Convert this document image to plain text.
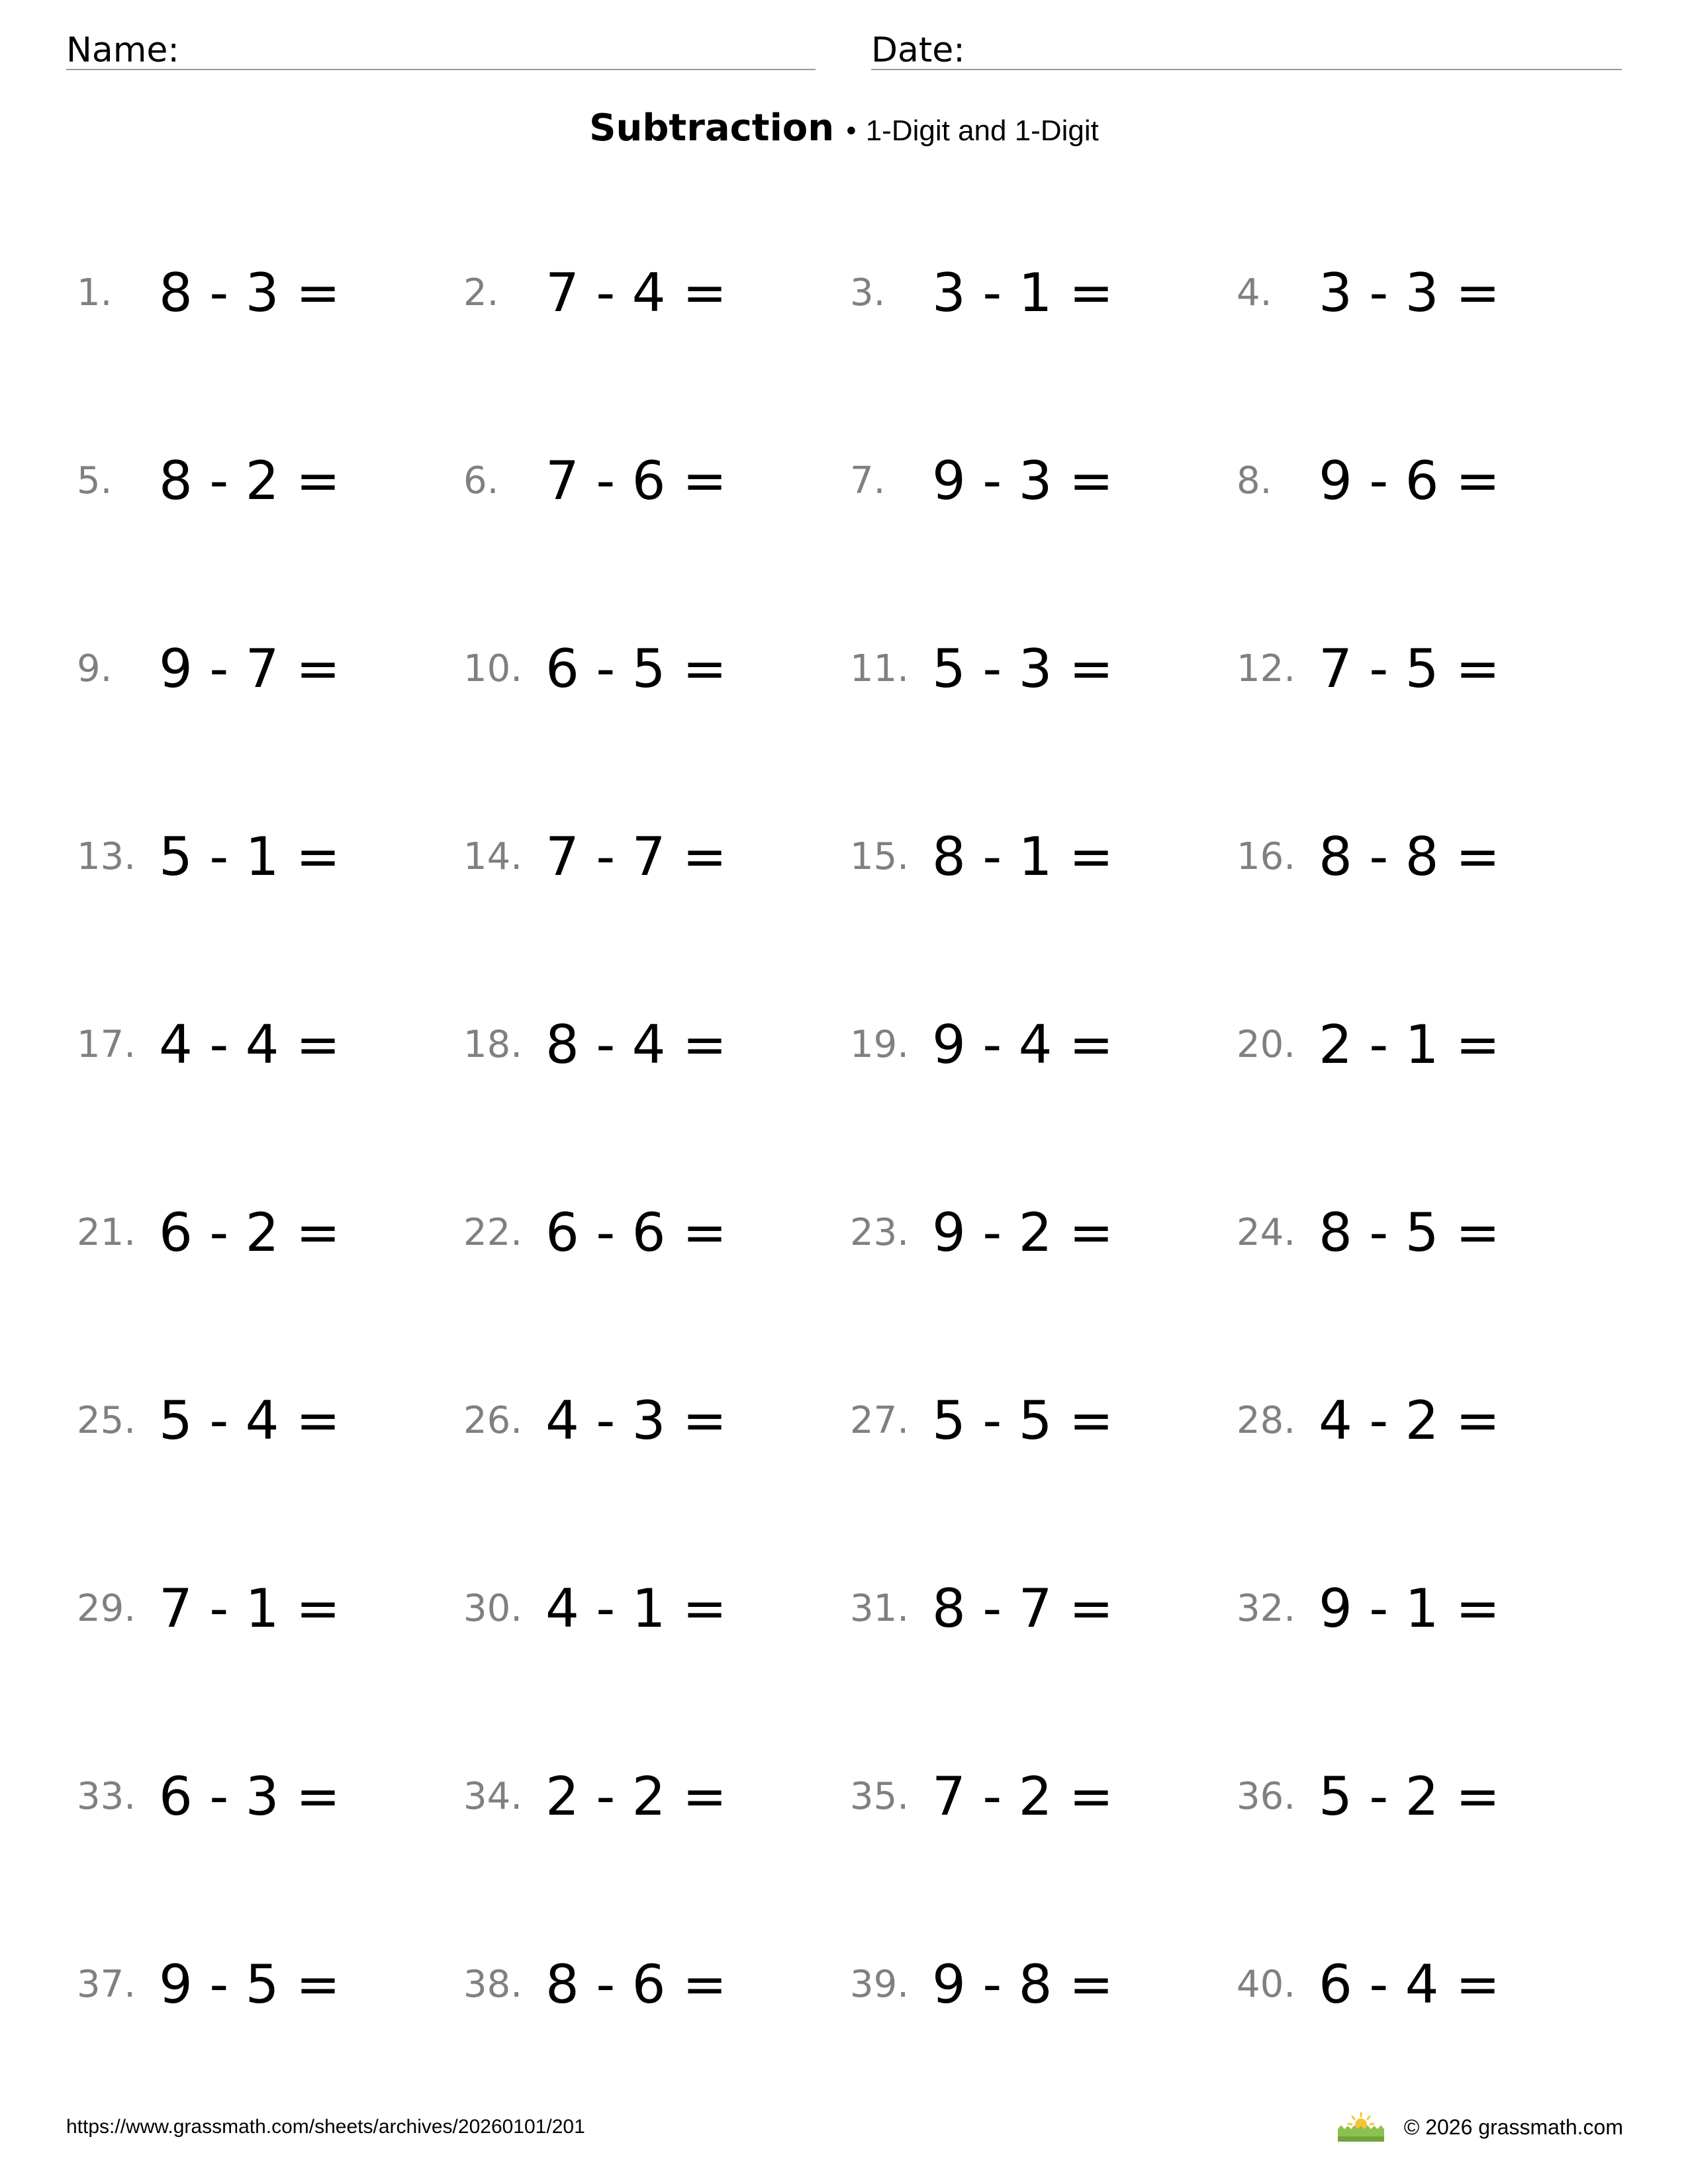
Name:	Date:
Subtraction • 1-Digit and 1-Digit
1. 8 - 3 =	2. 7 - 4 =	3. 3 - 1 =	4. 3 - 3 =
5. 8 - 2 =	6. 7 - 6 =	7. 9 - 3 =	8. 9 - 6 =
9. 9 - 7 =	10. 6 - 5 =	11. 5 - 3 =	12. 7 - 5 =
13. 5 - 1 =	14. 7 - 7 =	15. 8 - 1 =	16. 8 - 8 =
17. 4 - 4 =	18. 8 - 4 =	19. 9 - 4 =	20. 2 - 1 =
21. 6 - 2 =	22. 6 - 6 =	23. 9 - 2 =	24. 8 - 5 =
25. 5 - 4 =	26. 4 - 3 =	27. 5 - 5 =	28. 4 - 2 =
29. 7 - 1 =	30. 4 - 1 =	31. 8 - 7 =	32. 9 - 1 =
33. 6 - 3 =	34. 2 - 2 =	35. 7 - 2 =	36. 5 - 2 =
37. 9 - 5 =	38. 8 - 6 =	39. 9 - 8 =	40. 6 - 4 =
https://www.grassmath.com/sheets/archives/20260101/201	© 2026 grassmath.com
